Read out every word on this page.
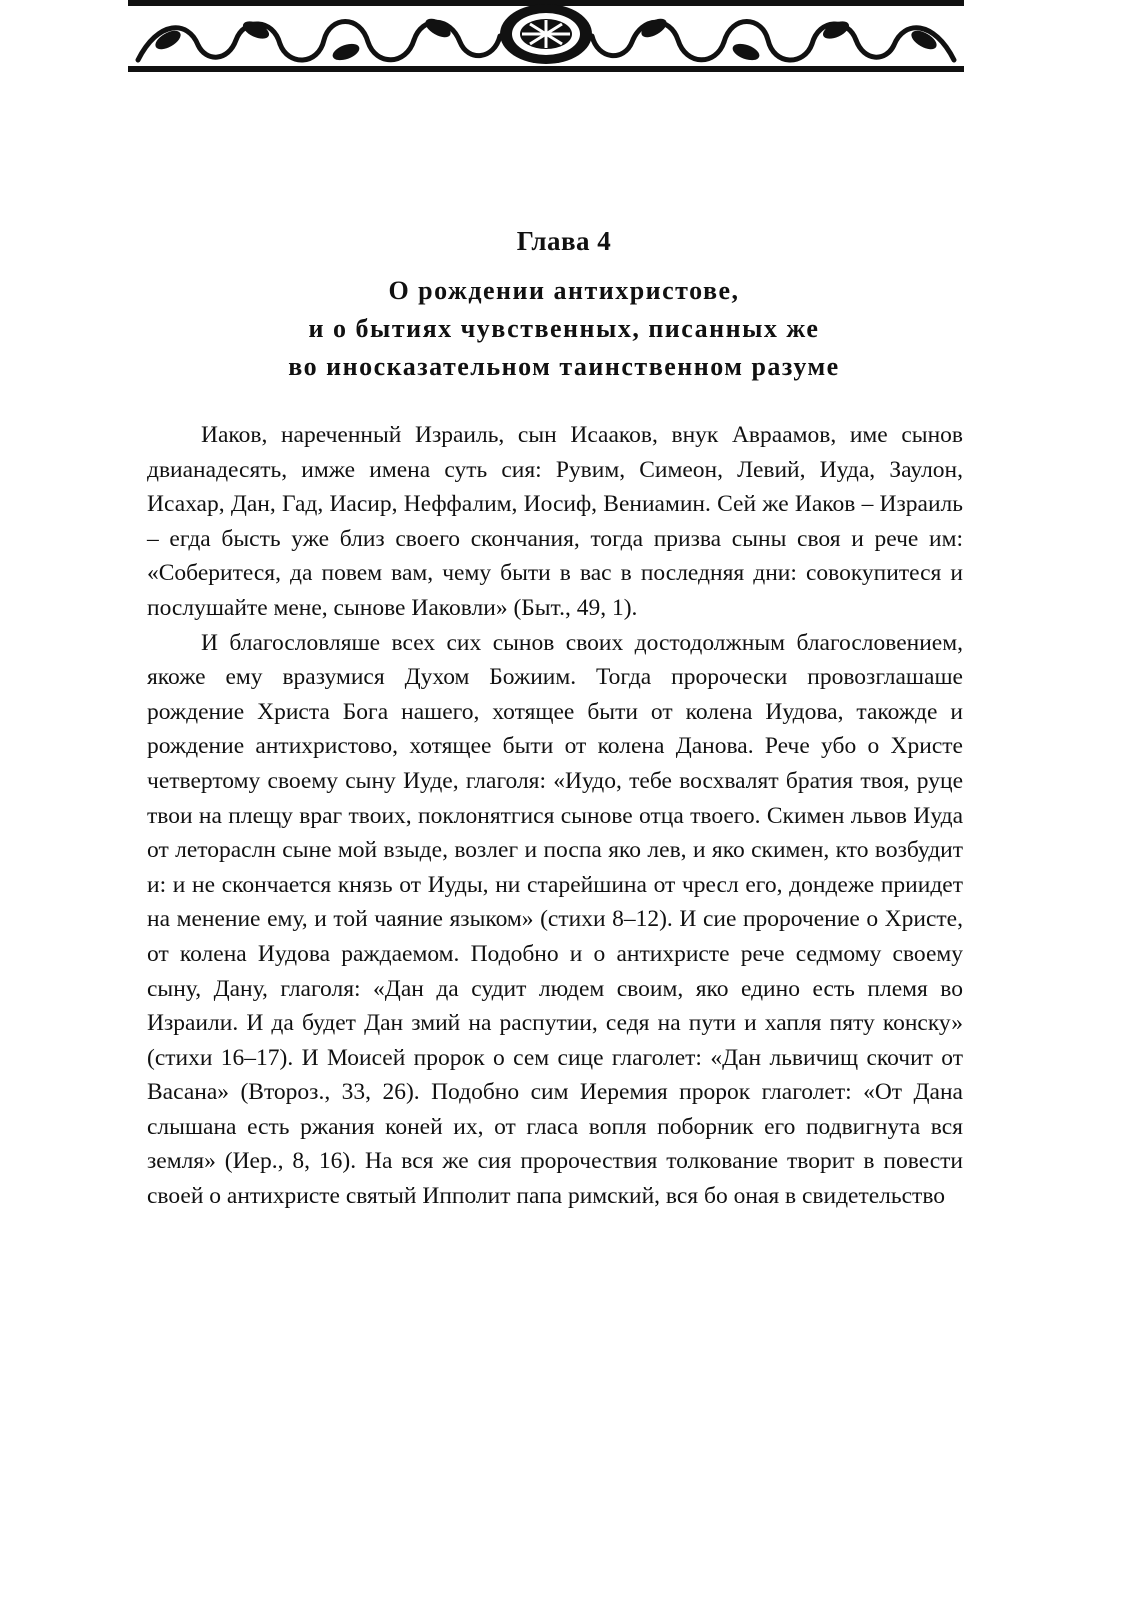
Глава 4
О рождении антихристове,
и о бытиях чувственных, писанных же
во иносказательном таинственном разуме

Иаков, нареченный Израиль, сын Исааков, внук Авраамов, име сынов двианадесять, имже имена суть сия: Рувим, Симеон, Левий, Иуда, Заулон, Исахар, Дан, Гад, Иасир, Неффалим, Иосиф, Вениамин. Сей же Иаков – Израиль – егда бысть уже близ своего скончания, тогда призва сыны своя и рече им: «Соберитеся, да повем вам, чему быти в вас в последняя дни: совокупитеся и послушайте мене, сынове Иаковли» (Быт., 49, 1).

И благословляше всех сих сынов своих достодолжным благословением, якоже ему вразумися Духом Божиим. Тогда пророчески провозглашаше рождение Христа Бога нашего, хотящее быти от колена Иудова, такожде и рождение антихристово, хотящее быти от колена Данова. Рече убо о Христе четвертому своему сыну Иуде, глаголя: «Иудо, тебе восхвалят братия твоя, руце твои на плещу враг твоих, поклонятгися сынове отца твоего. Скимен львов Иуда от летораслн сыне мой взыде, возлег и поспа яко лев, и яко скимен, кто возбудит и: и не скончается князь от Иуды, ни старейшина от чресл его, дондеже приидет на менение ему, и той чаяние языком» (стихи 8–12). И сие пророчение о Христе, от колена Иудова раждаемом. Подобно и о антихристе рече седмому своему сыну, Дану, глаголя: «Дан да судит людем своим, яко едино есть племя во Израили. И да будет Дан змий на распутии, седя на пути и хапля пяту конску» (стихи 16–17). И Моисей пророк о сем сице глаголет: «Дан львичищ скочит от Васана» (Второз., 33, 26). Подобно сим Иеремия пророк глаголет: «От Дана слышана есть ржания коней их, от гласа вопля поборник его подвигнута вся земля» (Иер., 8, 16). На вся же сия пророчествия толкование творит в повести своей о антихристе святый Ипполит папа римский, вся бо оная в свидетельство
